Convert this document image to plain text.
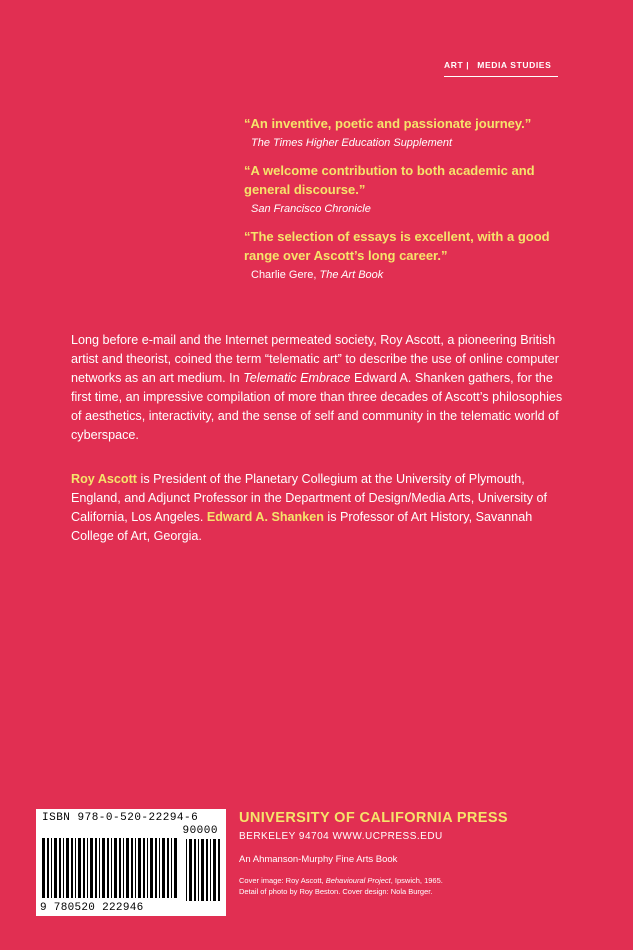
ART | MEDIA STUDIES
“An inventive, poetic and passionate journey.”
The Times Higher Education Supplement
“A welcome contribution to both academic and general discourse.”
San Francisco Chronicle
“The selection of essays is excellent, with a good range over Ascott’s long career.”
Charlie Gere, The Art Book

Long before e-mail and the Internet permeated society, Roy Ascott, a pioneering British artist and theorist, coined the term “telematic art” to describe the use of online computer networks as an art medium. In Telematic Embrace Edward A. Shanken gathers, for the first time, an impressive compilation of more than three decades of Ascott’s philosophies of aesthetics, interactivity, and the sense of self and community in the telematic world of cyberspace.

Roy Ascott is President of the Planetary Collegium at the University of Plymouth, England, and Adjunct Professor in the Department of Design/Media Arts, University of California, Los Angeles. Edward A. Shanken is Professor of Art History, Savannah College of Art, Georgia.

ISBN 978-0-520-22294-6
90000
9 780520 222946
UNIVERSITY OF CALIFORNIA PRESS
BERKELEY 94704 WWW.UCPRESS.EDU
An Ahmanson-Murphy Fine Arts Book
Cover image: Roy Ascott, Behavioural Project, Ipswich, 1965.
Detail of photo by Roy Beston. Cover design: Nola Burger.
